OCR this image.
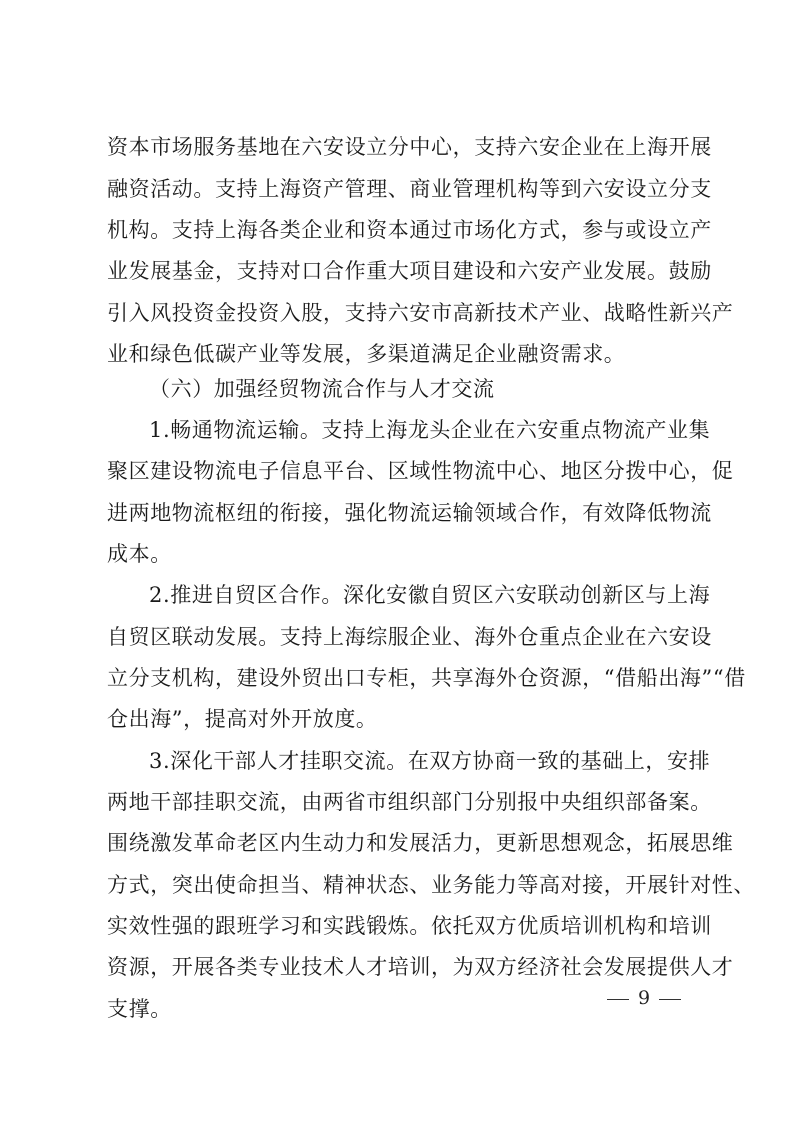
资本市场服务基地在六安设立分中心，支持六安企业在上海开展
融资活动。支持上海资产管理、商业管理机构等到六安设立分支
机构。支持上海各类企业和资本通过市场化方式，参与或设立产
业发展基金，支持对口合作重大项目建设和六安产业发展。鼓励
引入风投资金投资入股，支持六安市高新技术产业、战略性新兴产
业和绿色低碳产业等发展，多渠道满足企业融资需求。
（六）加强经贸物流合作与人才交流
1.畅通物流运输。支持上海龙头企业在六安重点物流产业集
聚区建设物流电子信息平台、区域性物流中心、地区分拨中心，促
进两地物流枢纽的衔接，强化物流运输领域合作，有效降低物流
成本。
2.推进自贸区合作。深化安徽自贸区六安联动创新区与上海
自贸区联动发展。支持上海综服企业、海外仓重点企业在六安设
立分支机构，建设外贸出口专柜，共享海外仓资源，“借船出海”“借
仓出海”，提高对外开放度。
3.深化干部人才挂职交流。在双方协商一致的基础上，安排
两地干部挂职交流，由两省市组织部门分别报中央组织部备案。
围绕激发革命老区内生动力和发展活力，更新思想观念，拓展思维
方式，突出使命担当、精神状态、业务能力等高对接，开展针对性、
实效性强的跟班学习和实践锻炼。依托双方优质培训机构和培训
资源，开展各类专业技术人才培训，为双方经济社会发展提供人才
支撑。	9
